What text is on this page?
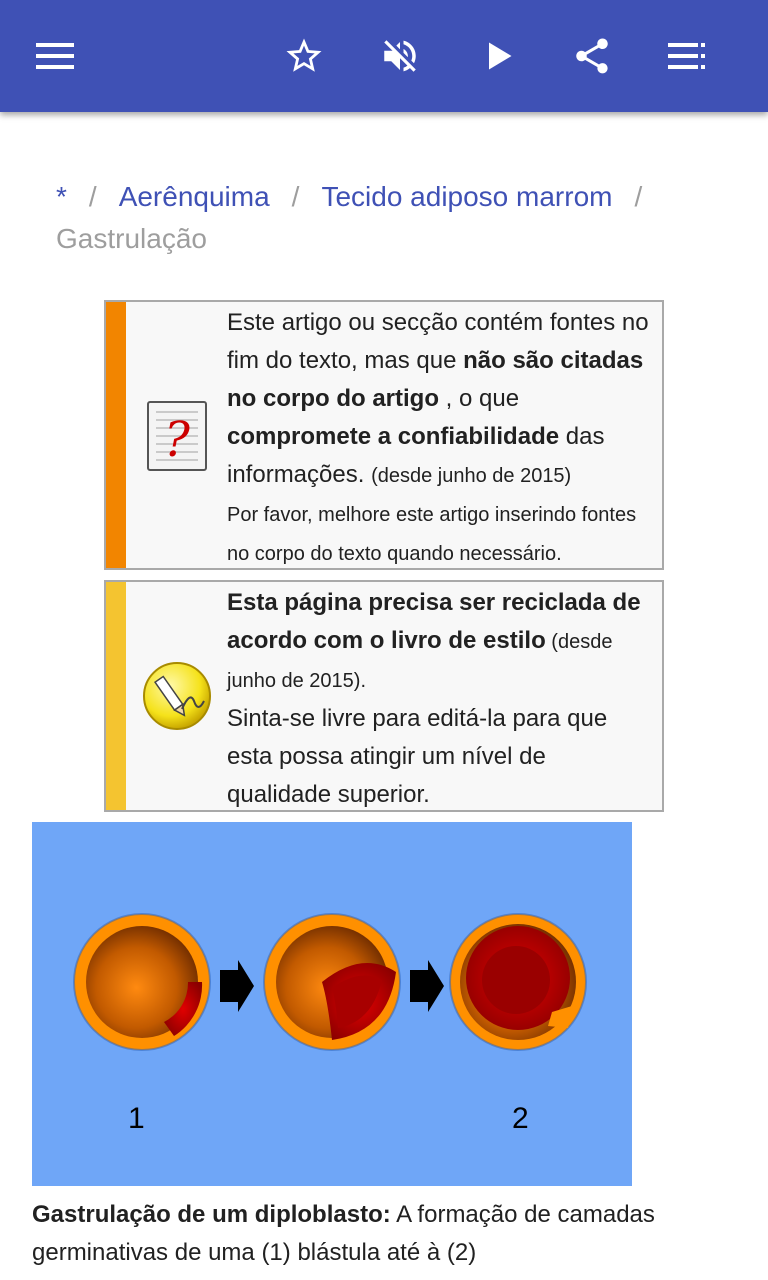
* / Aerênquima / Tecido adiposo marrom /
Gastrulação
?
Este artigo ou secção contém fontes no fim do texto, mas que não são citadas no corpo do artigo , o que compromete a confiabilidade das informações. (desde junho de 2015)
Por favor, melhore este artigo inserindo fontes no corpo do texto quando necessário.
Esta página precisa ser reciclada de acordo com o livro de estilo (desde junho de 2015).
Sinta-se livre para editá-la para que esta possa atingir um nível de qualidade superior.
1	2
Gastrulação de um diploblasto: A formação de camadas germinativas de uma (1) blástula até à (2)
